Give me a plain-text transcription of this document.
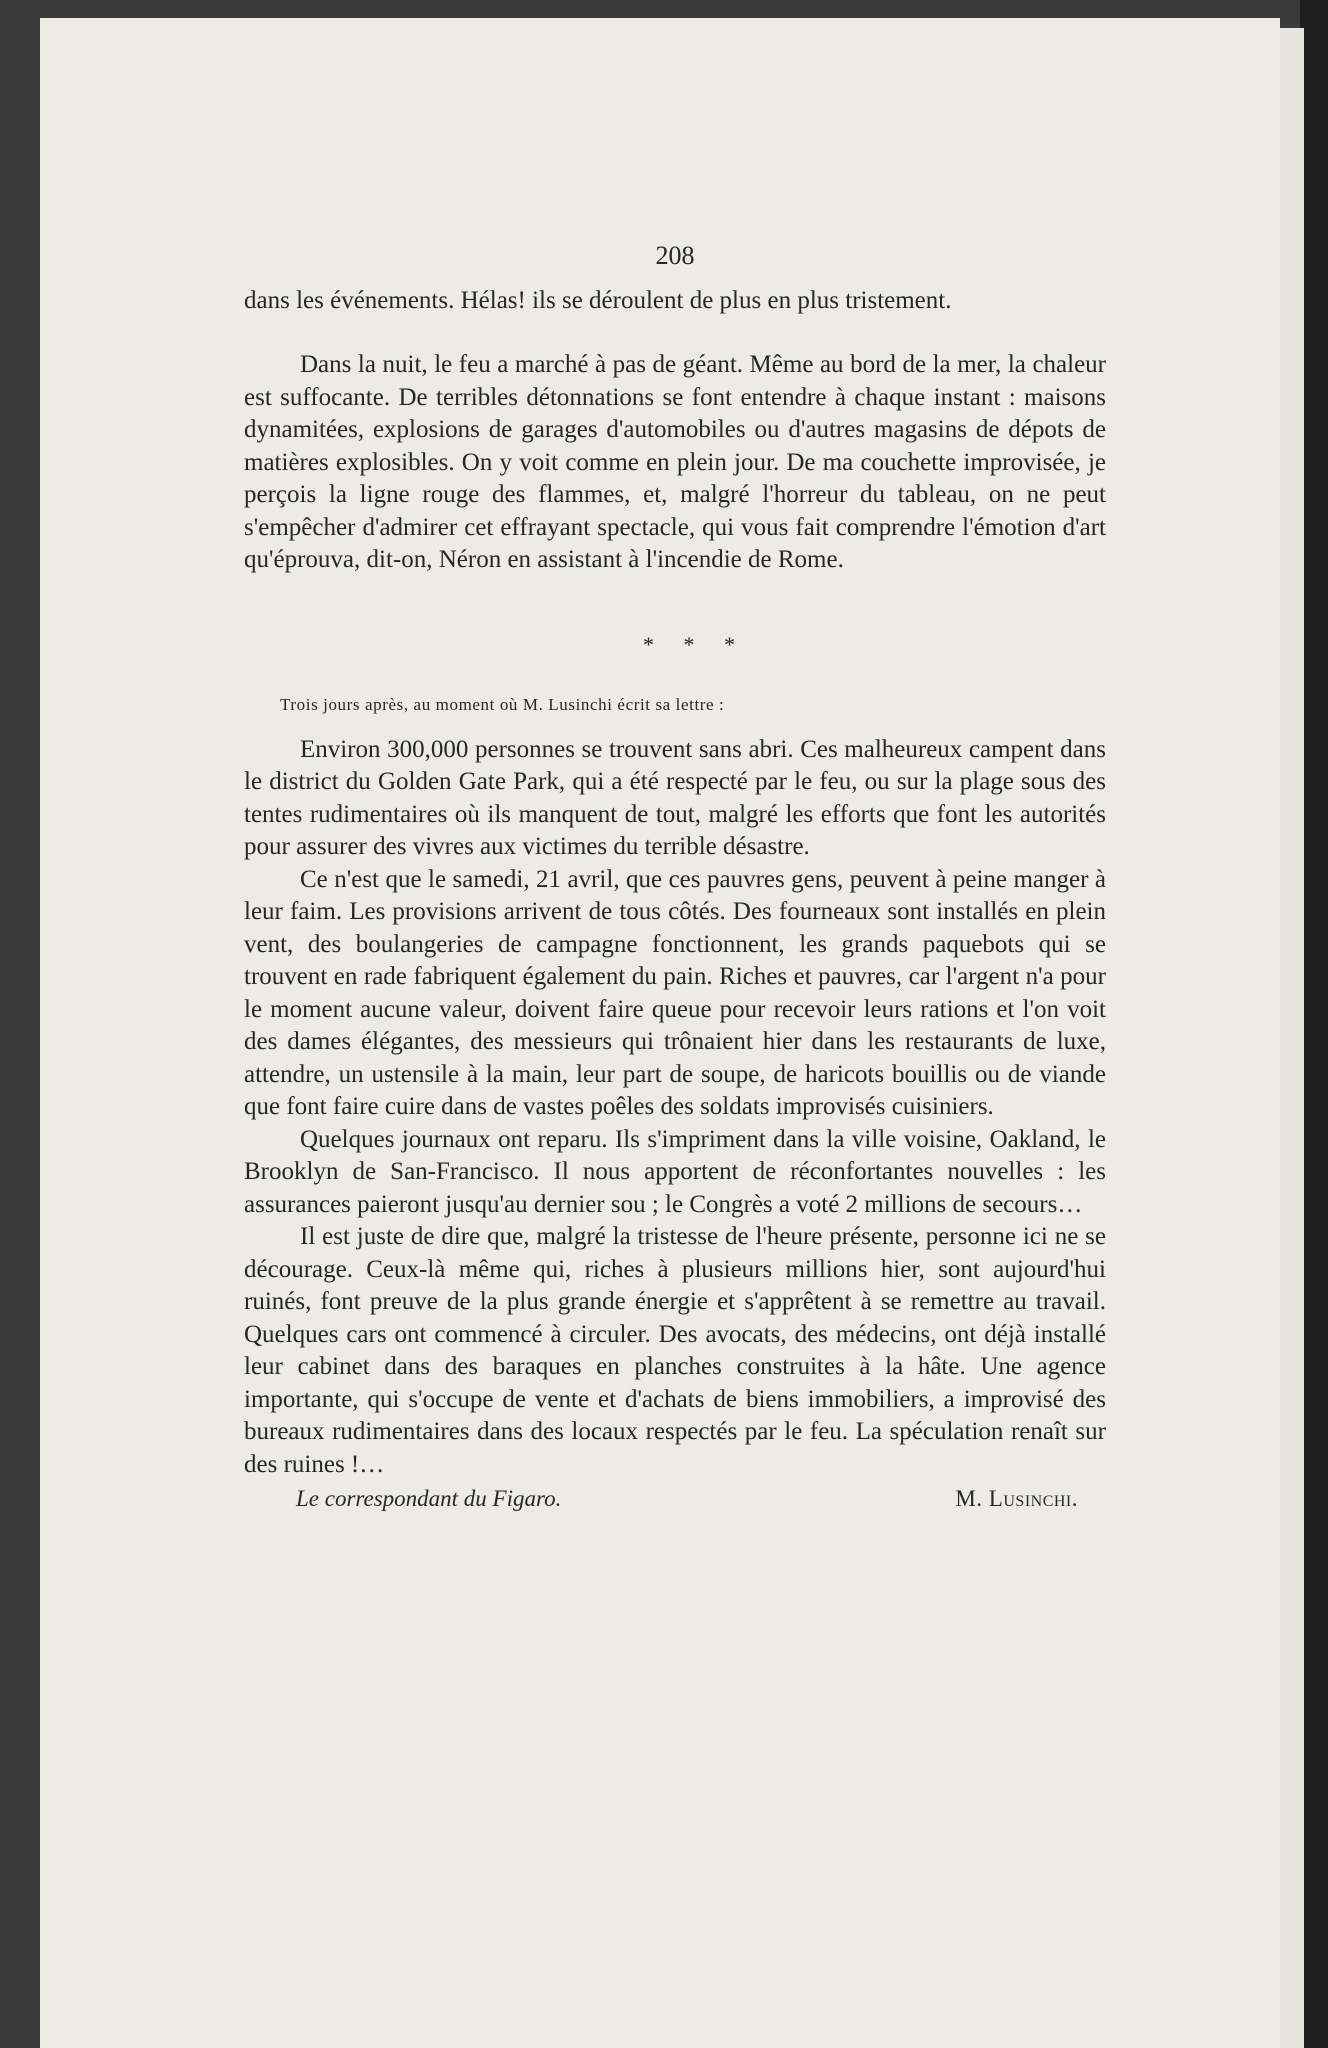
208

dans les événements. Hélas! ils se déroulent de plus en plus tristement.

Dans la nuit, le feu a marché à pas de géant. Même au bord de la mer, la chaleur est suffocante. De terribles détonnations se font entendre à chaque instant : maisons dynamitées, explosions de garages d'automobiles ou d'autres magasins de dépots de matières explosibles. On y voit comme en plein jour. De ma couchette improvisée, je perçois la ligne rouge des flammes, et, malgré l'horreur du tableau, on ne peut s'empêcher d'admirer cet effrayant spectacle, qui vous fait comprendre l'émotion d'art qu'éprouva, dit-on, Néron en assistant à l'incendie de Rome.

* * *

Trois jours après, au moment où M. Lusinchi écrit sa lettre :

Environ 300,000 personnes se trouvent sans abri. Ces malheureux campent dans le district du Golden Gate Park, qui a été respecté par le feu, ou sur la plage sous des tentes rudimentaires où ils manquent de tout, malgré les efforts que font les autorités pour assurer des vivres aux victimes du terrible désastre.

Ce n'est que le samedi, 21 avril, que ces pauvres gens, peuvent à peine manger à leur faim. Les provisions arrivent de tous côtés. Des fourneaux sont installés en plein vent, des boulangeries de campagne fonctionnent, les grands paquebots qui se trouvent en rade fabriquent également du pain. Riches et pauvres, car l'argent n'a pour le moment aucune valeur, doivent faire queue pour recevoir leurs rations et l'on voit des dames élégantes, des messieurs qui trônaient hier dans les restaurants de luxe, attendre, un ustensile à la main, leur part de soupe, de haricots bouillis ou de viande que font faire cuire dans de vastes poêles des soldats improvisés cuisiniers.

Quelques journaux ont reparu. Ils s'impriment dans la ville voisine, Oakland, le Brooklyn de San-Francisco. Il nous apportent de réconfortantes nouvelles : les assurances paieront jusqu'au dernier sou ; le Congrès a voté 2 millions de secours…

Il est juste de dire que, malgré la tristesse de l'heure présente, personne ici ne se décourage. Ceux-là même qui, riches à plusieurs millions hier, sont aujourd'hui ruinés, font preuve de la plus grande énergie et s'apprêtent à se remettre au travail. Quelques cars ont commencé à circuler. Des avocats, des médecins, ont déjà installé leur cabinet dans des baraques en planches construites à la hâte. Une agence importante, qui s'occupe de vente et d'achats de biens immobiliers, a improvisé des bureaux rudimentaires dans des locaux respectés par le feu. La spéculation renaît sur des ruines !…

Le correspondant du Figaro.	M. Lusinchi.
